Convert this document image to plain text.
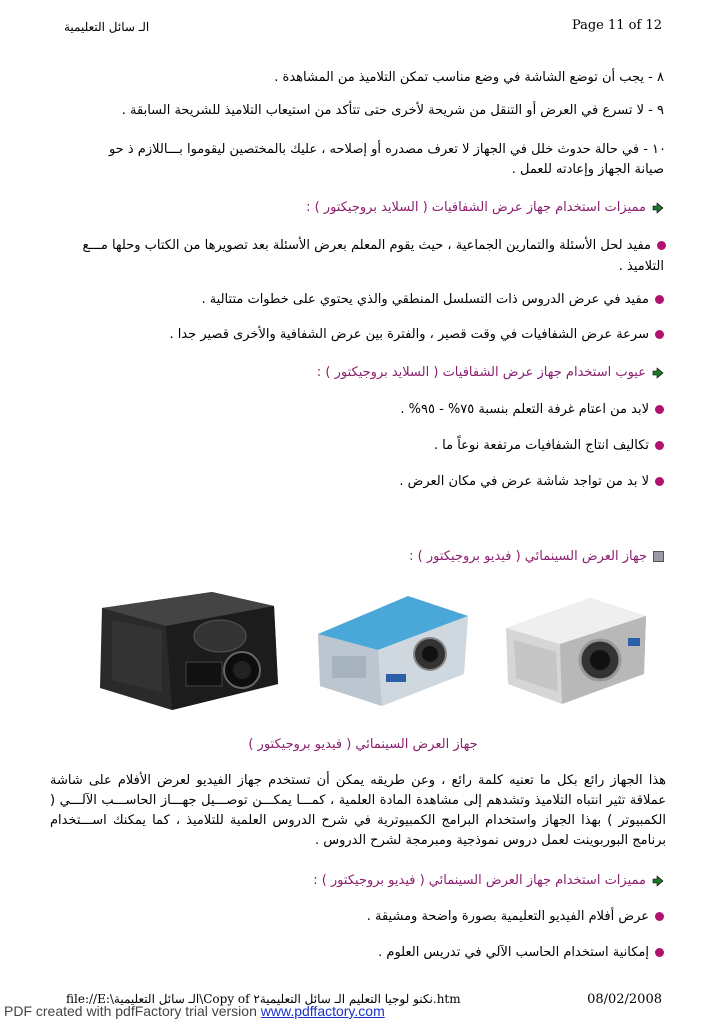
الـ سائل التعليمية	Page 11 of 12
٨ - يجب أن توضع الشاشة في وضع مناسب تمكن التلاميذ من المشاهدة .
٩ - لا تسرع في العرض أو التنقل من شريحة لأخرى حتى تتأكد من استيعاب التلاميذ للشريحة السابقة .
١٠ - في حالة حدوث خلل في الجهاز لا تعرف مصدره أو إصلاحه ، عليك بالمختصين ليقوموا بـــاللازم ذ حو
صيانة الجهاز وإعادته للعمل .
مميزات استخدام جهاز عرض الشفافيات ( السلايد بروجيكتور ) :
مفيد لحل الأسئلة والتمارين الجماعية ، حيث يقوم المعلم بعرض الأسئلة بعد تصويرها من الكتاب وحلها مـــع
التلاميذ .
مفيد في عرض الدروس ذات التسلسل المنطقي والذي يحتوي على خطوات متتالية .
سرعة عرض الشفافيات في وقت قصير ، والفترة بين عرض الشفافية والأخرى قصير جدا .
عيوب استخدام جهاز عرض الشفافيات ( السلايد بروجيكتور ) :
لابد من اعتام غرفة التعلم بنسبة ٧٥% - ٩٥% .
تكاليف انتاج الشفافيات مرتفعة نوعاً ما .
لا بد من تواجد شاشة عرض في مكان العرض .
جهاز العرض السينمائي ( فيديو بروجيكتور ) :
جهاز العرض السينمائي ( فيديو بروجيكتور )
هذا الجهاز رائع بكل ما تعنيه كلمة رائع ، وعن طريقه يمكن أن تستخدم جهاز الفيديو لعرض الأفلام على شاشة عملاقة تثير انتباه التلاميذ وتشدهم إلى مشاهدة المادة العلمية ، كمـــا يمكـــن توصـــيل جهـــاز الحاســـب الآلـــي ( الكمبيوتر ) بهذا الجهاز واستخدام البرامج الكمبيوترية في شرح الدروس العلمية للتلاميذ ، كما يمكنك اســـتخدام برنامج البوربوينت لعمل دروس نموذجية ومبرمجة لشرح الدروس .
مميزات استخدام جهاز العرض السينمائي ( فيديو بروجيكتور ) :
عرض أفلام الفيديو التعليمية بصورة واضحة ومشيقة .
إمكانية استخدام الحاسب الآلي في تدريس العلوم .
file://E:\الـ سائل التعليمية\Copy of نكنو لوجيا التعليم الـ سائل التعليمية٢.htm	08/02/2008
PDF created with pdfFactory trial version www.pdffactory.com
